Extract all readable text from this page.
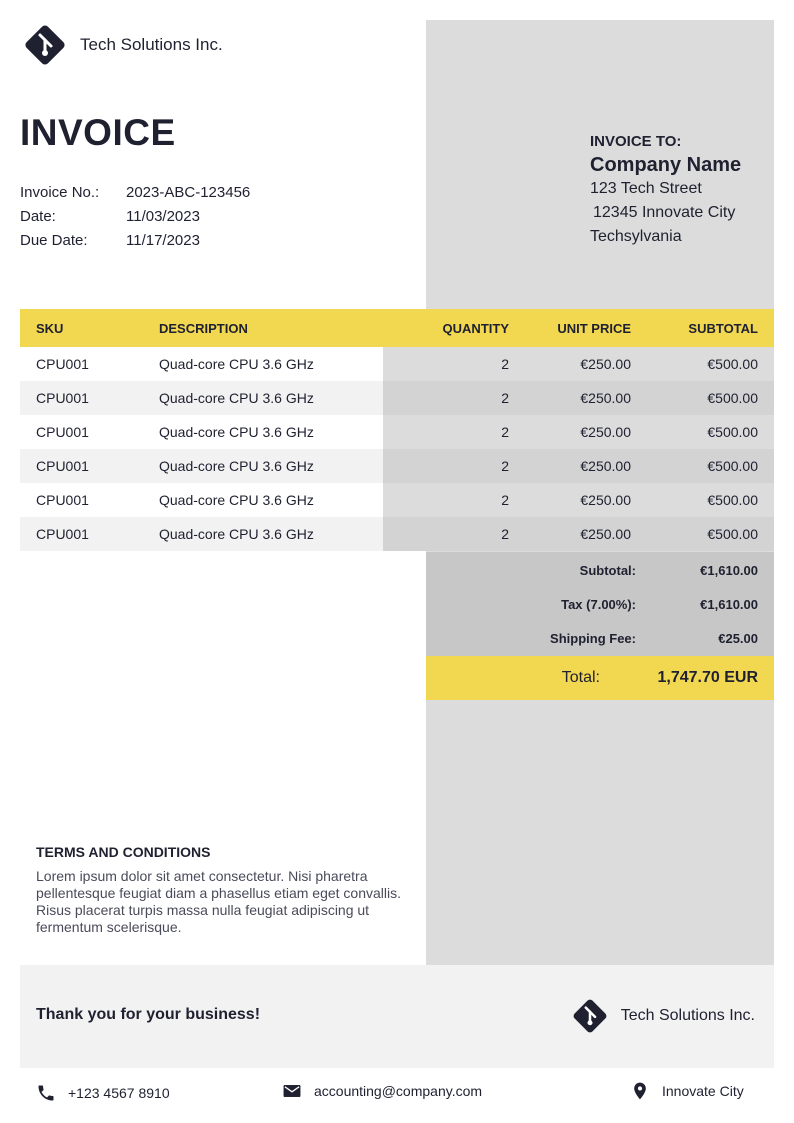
Tech Solutions Inc.
INVOICE
Invoice No.:	2023-ABC-123456
Date:	11/03/2023
Due Date:	11/17/2023
INVOICE TO:
Company Name
123 Tech Street
12345 Innovate City
Techsylvania
SKU	DESCRIPTION	QUANTITY	UNIT PRICE	SUBTOTAL
CPU001	Quad-core CPU 3.6 GHz	2	€250.00	€500.00
CPU001	Quad-core CPU 3.6 GHz	2	€250.00	€500.00
CPU001	Quad-core CPU 3.6 GHz	2	€250.00	€500.00
CPU001	Quad-core CPU 3.6 GHz	2	€250.00	€500.00
CPU001	Quad-core CPU 3.6 GHz	2	€250.00	€500.00
CPU001	Quad-core CPU 3.6 GHz	2	€250.00	€500.00
Subtotal:	€1,610.00
Tax (7.00%):	€1,610.00
Shipping Fee:	€25.00
Total:	1,747.70 EUR
TERMS AND CONDITIONS
Lorem ipsum dolor sit amet consectetur. Nisi pharetra pellentesque feugiat diam a phasellus etiam eget convallis. Risus placerat turpis massa nulla feugiat adipiscing ut fermentum scelerisque.
Thank you for your business!	Tech Solutions Inc.
+123 4567 8910	accounting@company.com	Innovate City
